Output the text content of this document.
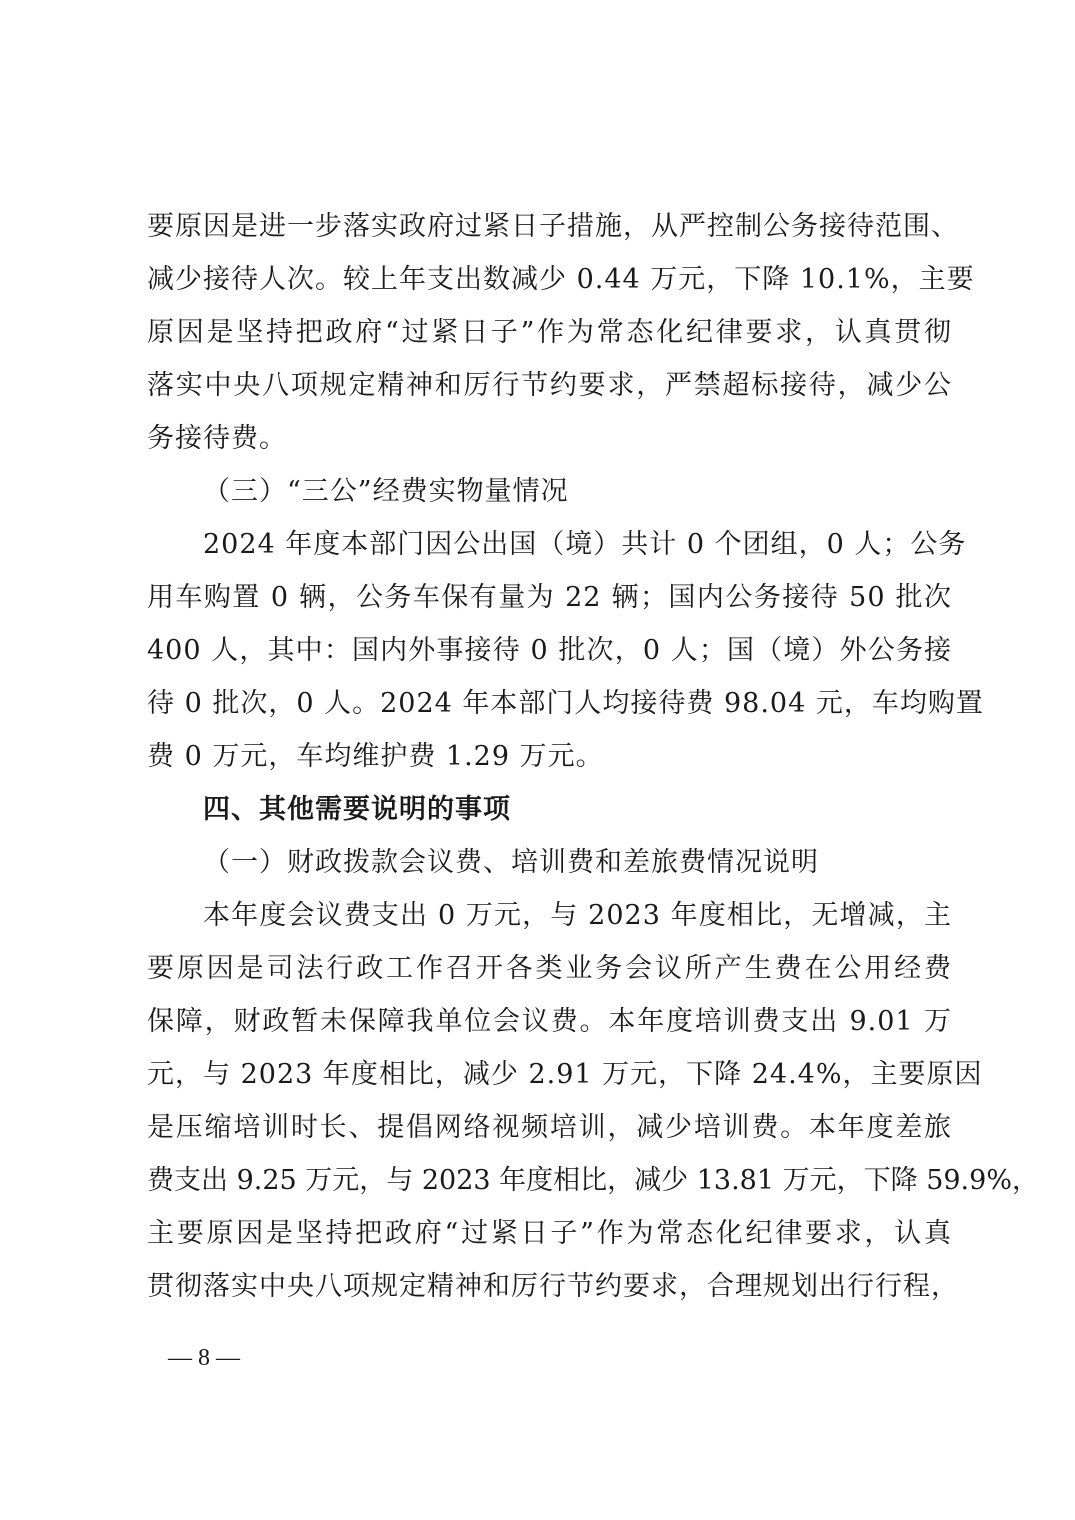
要原因是进一步落实政府过紧日子措施，从严控制公务接待范围、
减少接待人次。较上年支出数减少 0.44 万元，下降 10.1%，主要
原因是坚持把政府“过紧日子”作为常态化纪律要求，认真贯彻
落实中央八项规定精神和厉行节约要求，严禁超标接待，减少公
务接待费。
（三）“三公”经费实物量情况
2024 年度本部门因公出国（境）共计 0 个团组，0 人；公务
用车购置 0 辆，公务车保有量为 22 辆；国内公务接待 50 批次
400 人，其中：国内外事接待 0 批次，0 人；国（境）外公务接
待 0 批次，0 人。2024 年本部门人均接待费 98.04 元，车均购置
费 0 万元，车均维护费 1.29 万元。
四、其他需要说明的事项
（一）财政拨款会议费、培训费和差旅费情况说明
本年度会议费支出 0 万元，与 2023 年度相比，无增减，主
要原因是司法行政工作召开各类业务会议所产生费在公用经费
保障，财政暂未保障我单位会议费。本年度培训费支出 9.01 万
元，与 2023 年度相比，减少 2.91 万元，下降 24.4%，主要原因
是压缩培训时长、提倡网络视频培训，减少培训费。本年度差旅
费支出 9.25 万元，与 2023 年度相比，减少 13.81 万元，下降 59.9%，
主要原因是坚持把政府“过紧日子”作为常态化纪律要求，认真
贯彻落实中央八项规定精神和厉行节约要求，合理规划出行行程，
— 8 —
